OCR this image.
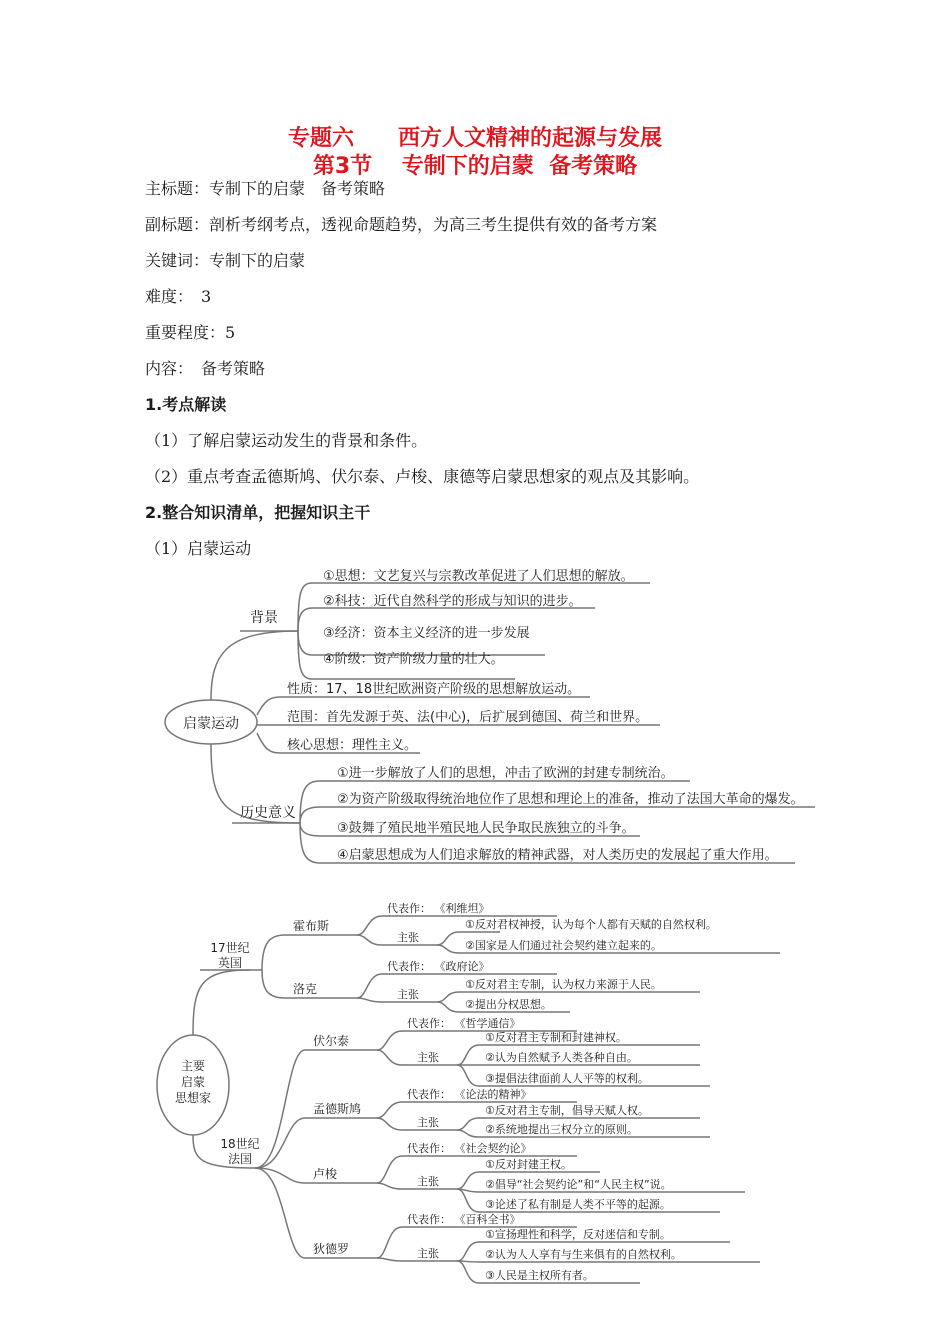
专题六　　西方人文精神的起源与发展
第3节　 专制下的启蒙  备考策略
主标题：专制下的启蒙　备考策略
副标题：剖析考纲考点，透视命题趋势，为高三考生提供有效的备考方案
关键词：专制下的启蒙
难度：　3
重要程度：5
内容：　备考策略
1.考点解读
（1）了解启蒙运动发生的背景和条件。
（2）重点考查孟德斯鸠、伏尔泰、卢梭、康德等启蒙思想家的观点及其影响。
2.整合知识清单，把握知识主干
（1）启蒙运动
启蒙运动
背景
①思想：文艺复兴与宗教改革促进了人们思想的解放。
②科技：近代自然科学的形成与知识的进步。
③经济：资本主义经济的进一步发展
④阶级：资产阶级力量的壮大。
性质：17、18世纪欧洲资产阶级的思想解放运动。
范围：首先发源于英、法(中心)，后扩展到德国、荷兰和世界。
核心思想：理性主义。
历史意义
①进一步解放了人们的思想，冲击了欧洲的封建专制统治。
②为资产阶级取得统治地位作了思想和理论上的准备，推动了法国大革命的爆发。
③鼓舞了殖民地半殖民地人民争取民族独立的斗争。
④启蒙思想成为人们追求解放的精神武器，对人类历史的发展起了重大作用。
主要
启蒙
思想家
17世纪
英国
18世纪
法国
霍布斯
代表作： 《利维坦》
主张
①反对君权神授，认为每个人都有天赋的自然权利。
②国家是人们通过社会契约建立起来的。
洛克
代表作： 《政府论》
主张
①反对君主专制，认为权力来源于人民。
②提出分权思想。
伏尔泰
代表作： 《哲学通信》
主张
①反对君主专制和封建神权。
②认为自然赋予人类各种自由。
③提倡法律面前人人平等的权利。
孟德斯鸠
代表作： 《论法的精神》
主张
①反对君主专制，倡导天赋人权。
②系统地提出三权分立的原则。
卢梭
代表作： 《社会契约论》
主张
①反对封建王权。
②倡导“社会契约论”和“人民主权”说。
③论述了私有制是人类不平等的起源。
狄德罗
代表作： 《百科全书》
主张
①宣扬理性和科学，反对迷信和专制。
②认为人人享有与生来俱有的自然权利。
③人民是主权所有者。
